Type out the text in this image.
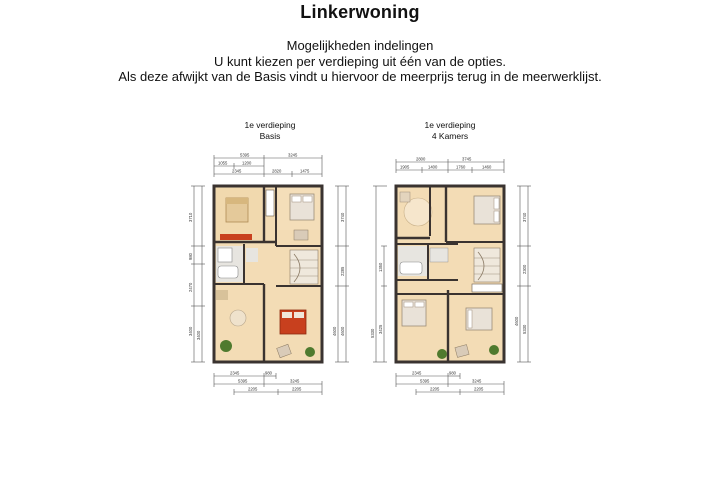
Linkerwoning
Mogelijkheden indelingen
U kunt kiezen per verdieping uit één van de opties.
Als deze afwijkt van de Basis vindt u hiervoor de meerprijs terug in de meerwerklijst.
1e verdieping
Basis
1e verdieping
4 Kamers
5395	3245
1055	1200
2345	2820	1475
3710
980
2470
3400 3400
3740
2285
4600 4600
2345	980
5395	3245
2205	2205
2800	3745
1905	1400	1760	1460
1350
3425
5330
3740
2300
5330
4600
2345	980
5395	3245
2205	2205
